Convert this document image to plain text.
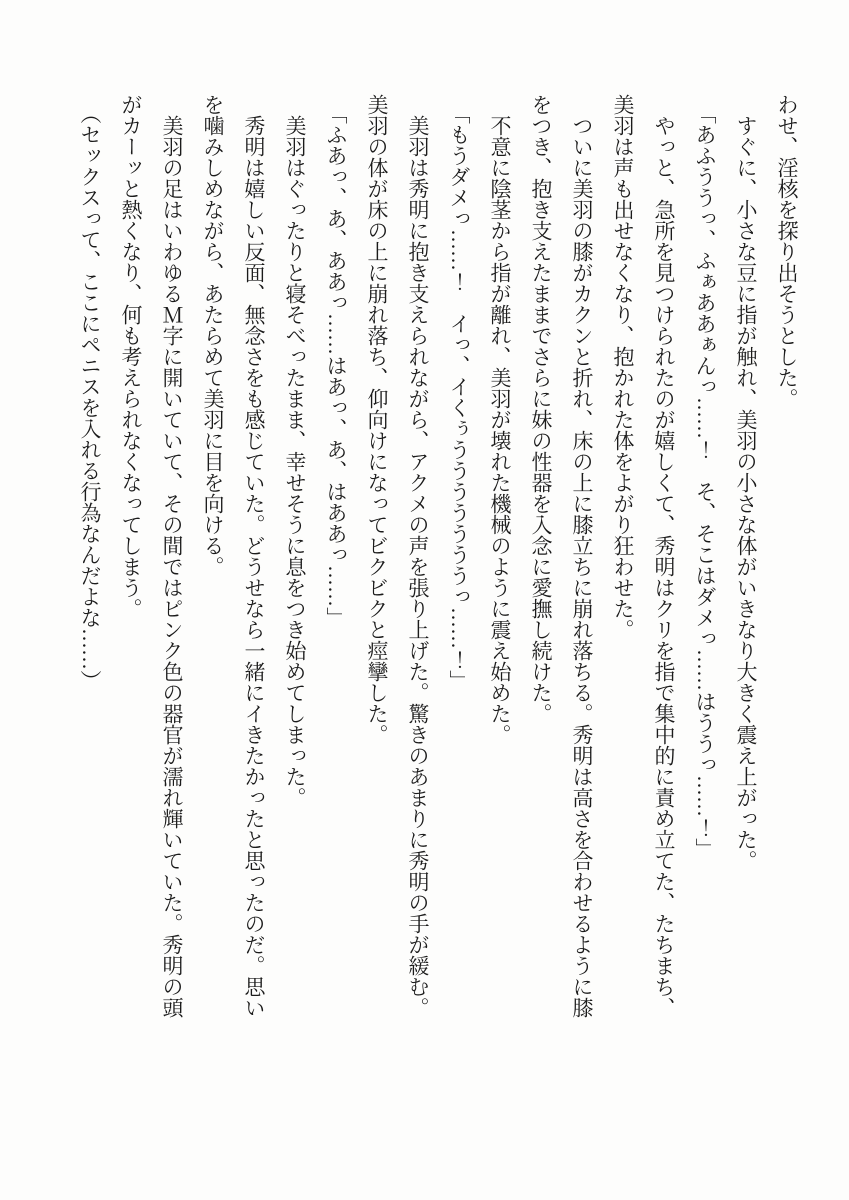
わせ、淫核を探り出そうとした。

すぐに、小さな豆に指が触れ、美羽の小さな体がいきなり大きく震え上がった。

「あふううっ、ふぁああぁんっ……！　そ、そこはダメっ……はううっ……！」

やっと、急所を見つけられたのが嬉しくて、秀明はクリを指で集中的に責め立てた、たちまち、

美羽は声も出せなくなり、抱かれた体をよがり狂わせた。

ついに美羽の膝がカクンと折れ、床の上に膝立ちに崩れ落ちる。秀明は高さを合わせるように膝

をつき、抱き支えたままでさらに妹の性器を入念に愛撫し続けた。

不意に陰茎から指が離れ、美羽が壊れた機械のように震え始めた。

「もうダメっ……！　イっ、イくぅうううううううっ……！」

美羽は秀明に抱き支えられながら、アクメの声を張り上げた。驚きのあまりに秀明の手が緩む。

美羽の体が床の上に崩れ落ち、仰向けになってビクビクと痙攣した。

「ふあっ、あ、ああっ……はあっ、あ、はああっ……」

美羽はぐったりと寝そべったまま、幸せそうに息をつき始めてしまった。

秀明は嬉しい反面、無念さをも感じていた。どうせなら一緒にイきたかったと思ったのだ。思い

を噛みしめながら、あたらめて美羽に目を向ける。

美羽の足はいわゆるＭ字に開いていて、その間ではピンク色の器官が濡れ輝いていた。秀明の頭

がカーッと熱くなり、何も考えられなくなってしまう。

（セックスって、ここにペニスを入れる行為なんだよな……）
